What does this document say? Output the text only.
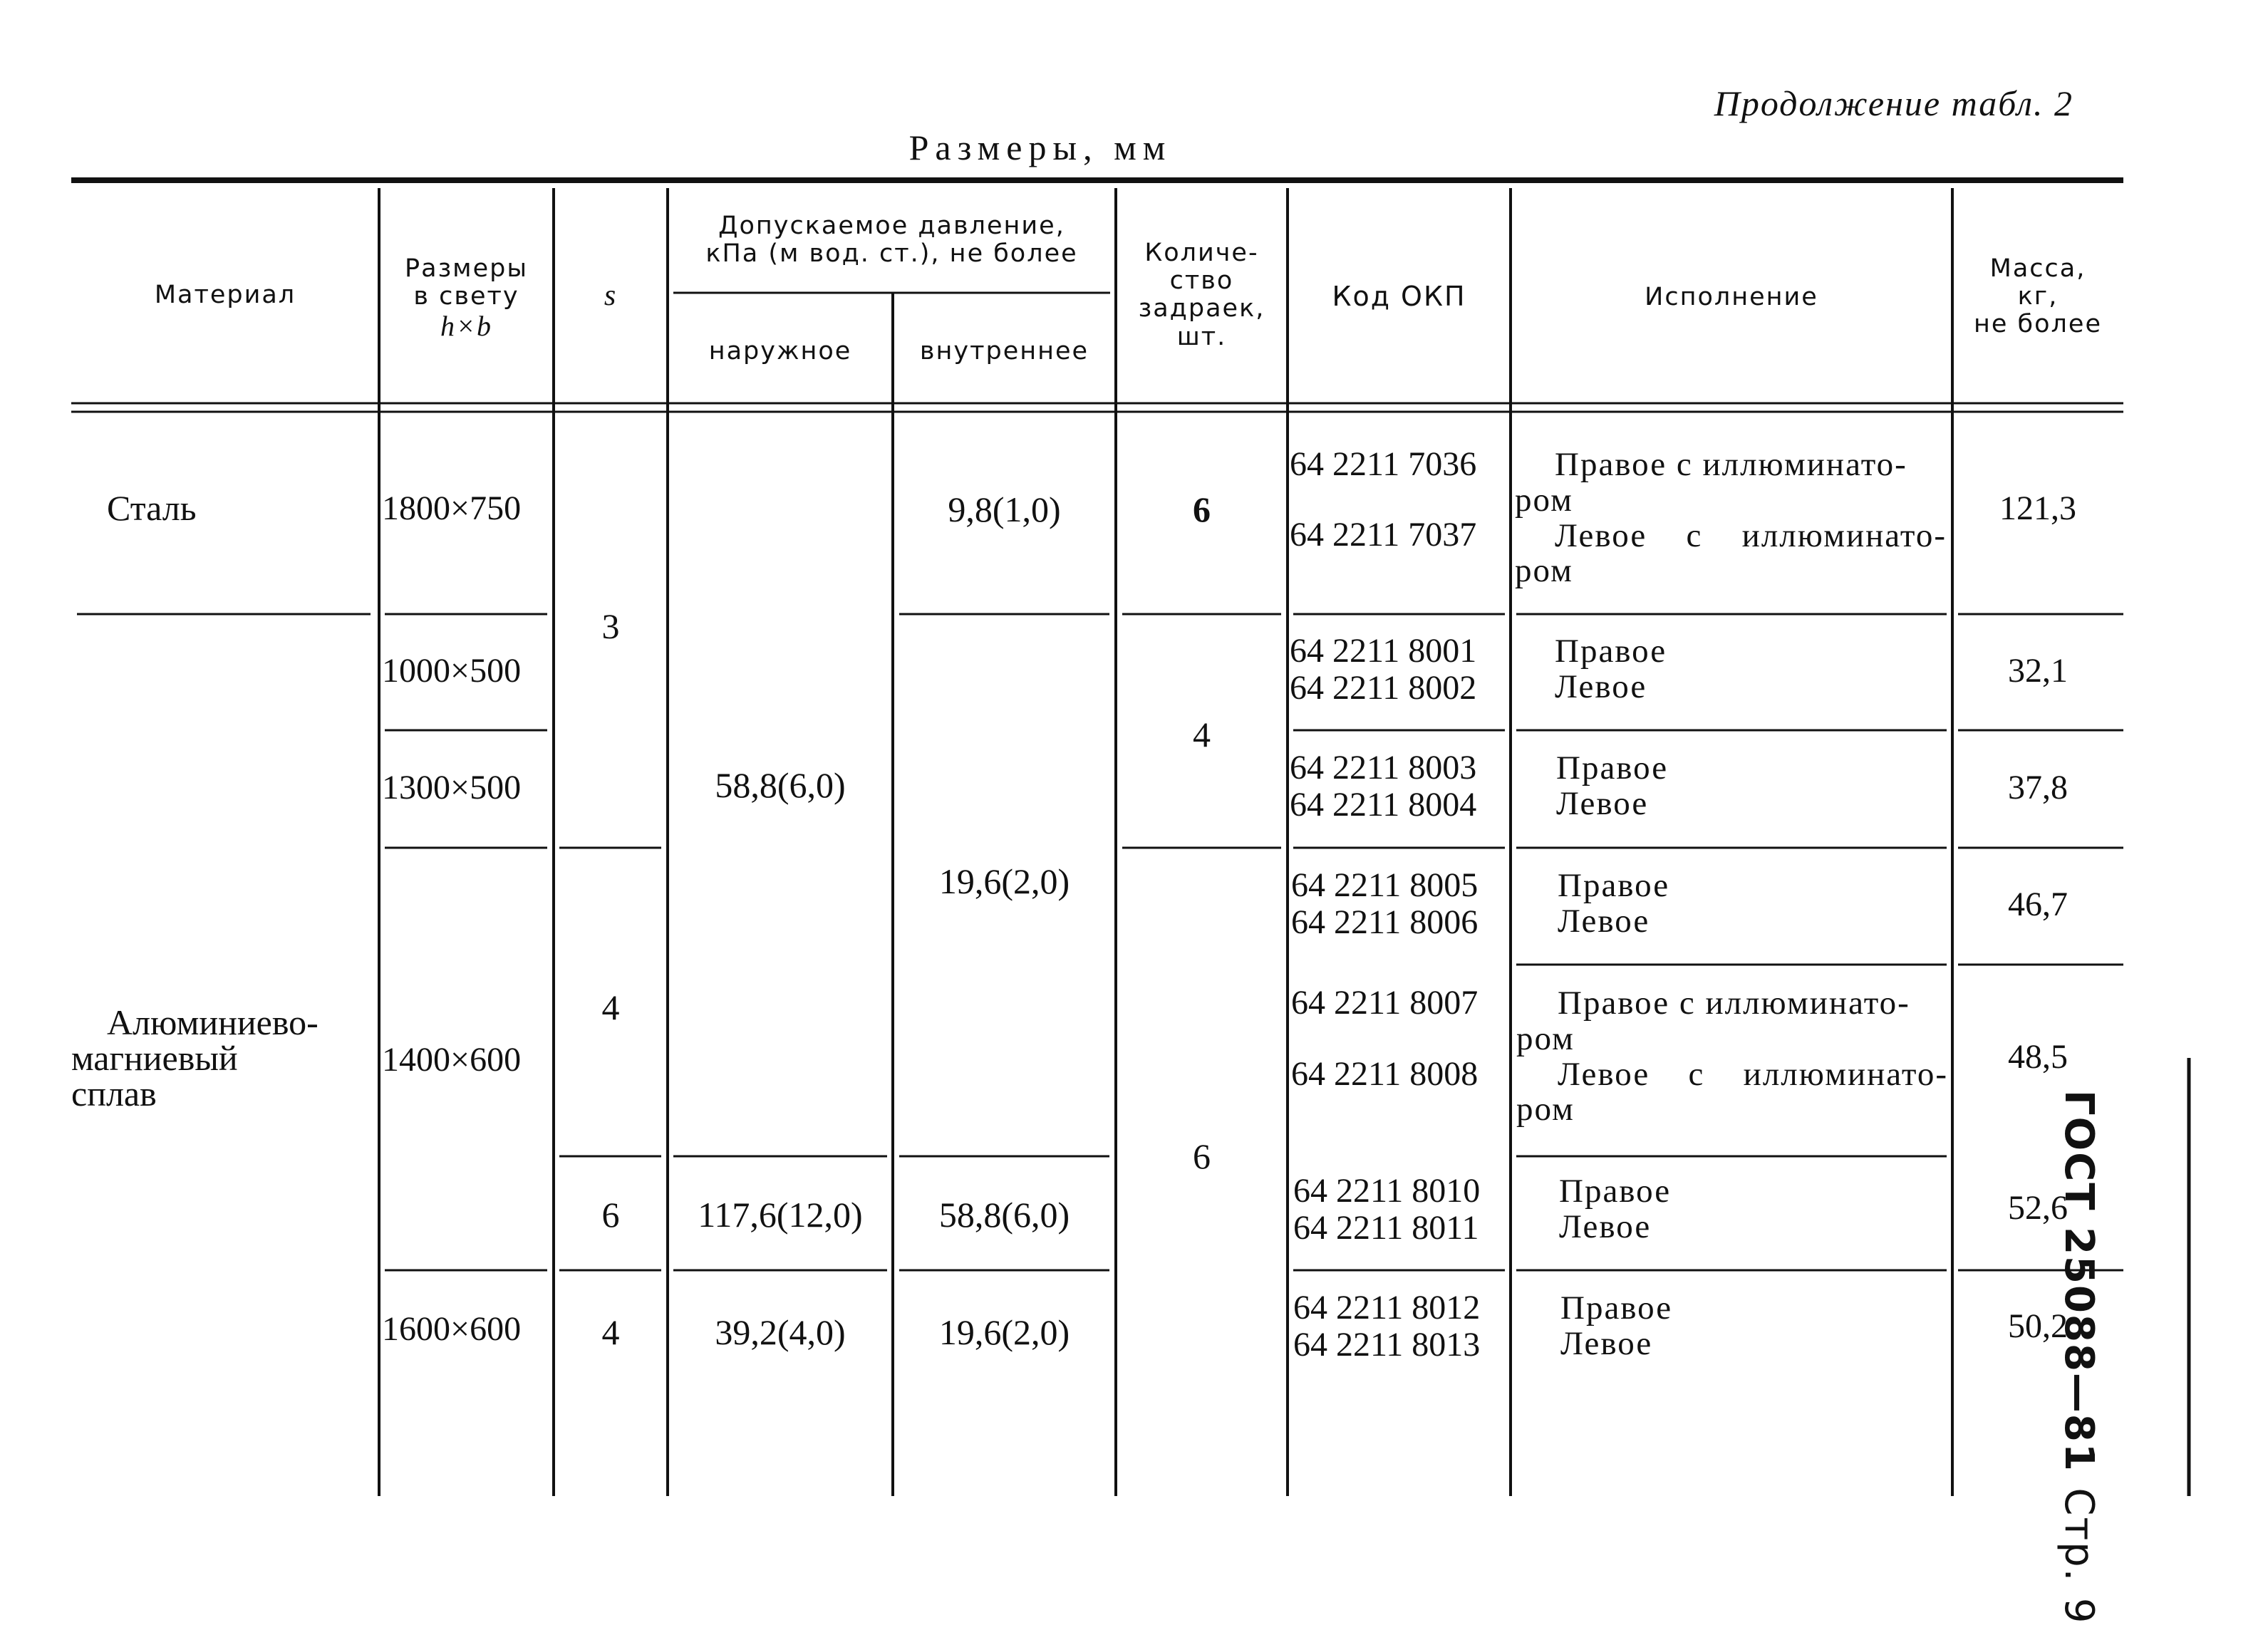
Продолжение табл. 2
Размеры, мм
Материал
Размеры
в свету
h×b
s
Допускаемое давление,
кПа (м вод. ст.), не более
наружное	внутреннее
Количе-
ство
задраек,
шт.
Код ОКП	Исполнение
Масса,
кг,
не более
Сталь
Алюминиево-
магниевый
сплав
1800×750
1000×500
1300×500
1400×600
1600×600
3
4
6
4
58,8(6,0)
117,6(12,0)
39,2(4,0)
9,8(1,0)
19,6(2,0)
58,8(6,0)
19,6(2,0)
6
4
6
64 2211 7036
64 2211 7037
64 2211 8001
64 2211 8002
64 2211 8003
64 2211 8004
64 2211 8005
64 2211 8006
64 2211 8007
64 2211 8008
64 2211 8010
64 2211 8011
64 2211 8012
64 2211 8013
Правое с иллюминато-
ром
Левое с иллюминато-
ром
Правое
Левое
Правое
Левое
Правое
Левое
Правое с иллюминато-
ром
Левое с иллюминато-
ром
Правое
Левое
Правое
Левое
121,3
32,1
37,8
46,7
48,5
52,6
50,2
ГОСТ 25088—81 Стр. 9
